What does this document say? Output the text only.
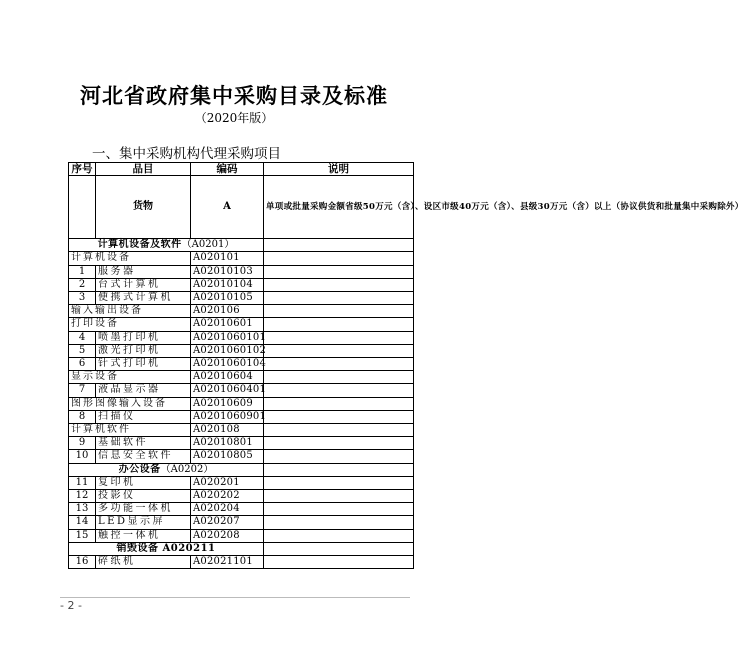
河北省政府集中采购目录及标准
（2020年版）
一、集中采购机构代理采购项目
序号	品目	编码	说明
	货物	A	单项或批量采购金额省级50万元（含）、设区市级40万元（含）、县级30万元（含）以上（协议供货和批量集中采购除外）
计算机设备及软件（A0201）			
计算机设备		A020101	
1	服务器	A02010103	
2	台式计算机	A02010104	
3	便携式计算机	A02010105	
输入输出设备		A020106	
打印设备		A02010601	
4	喷墨打印机	A0201060101	
5	激光打印机	A0201060102	
6	针式打印机	A0201060104	
显示设备		A02010604	
7	液晶显示器	A0201060401	
图形图像输入设备		A02010609	
8	扫描仪	A0201060901	
计算机软件		A020108	
9	基础软件	A02010801	
10	信息安全软件	A02010805	
办公设备（A0202）			
11	复印机	A020201	
12	投影仪	A020202	
13	多功能一体机	A020204	
14	LED显示屏	A020207	
15	触控一体机	A020208	
销毁设备 A020211			
16	碎纸机	A02021101	
- 2 -
